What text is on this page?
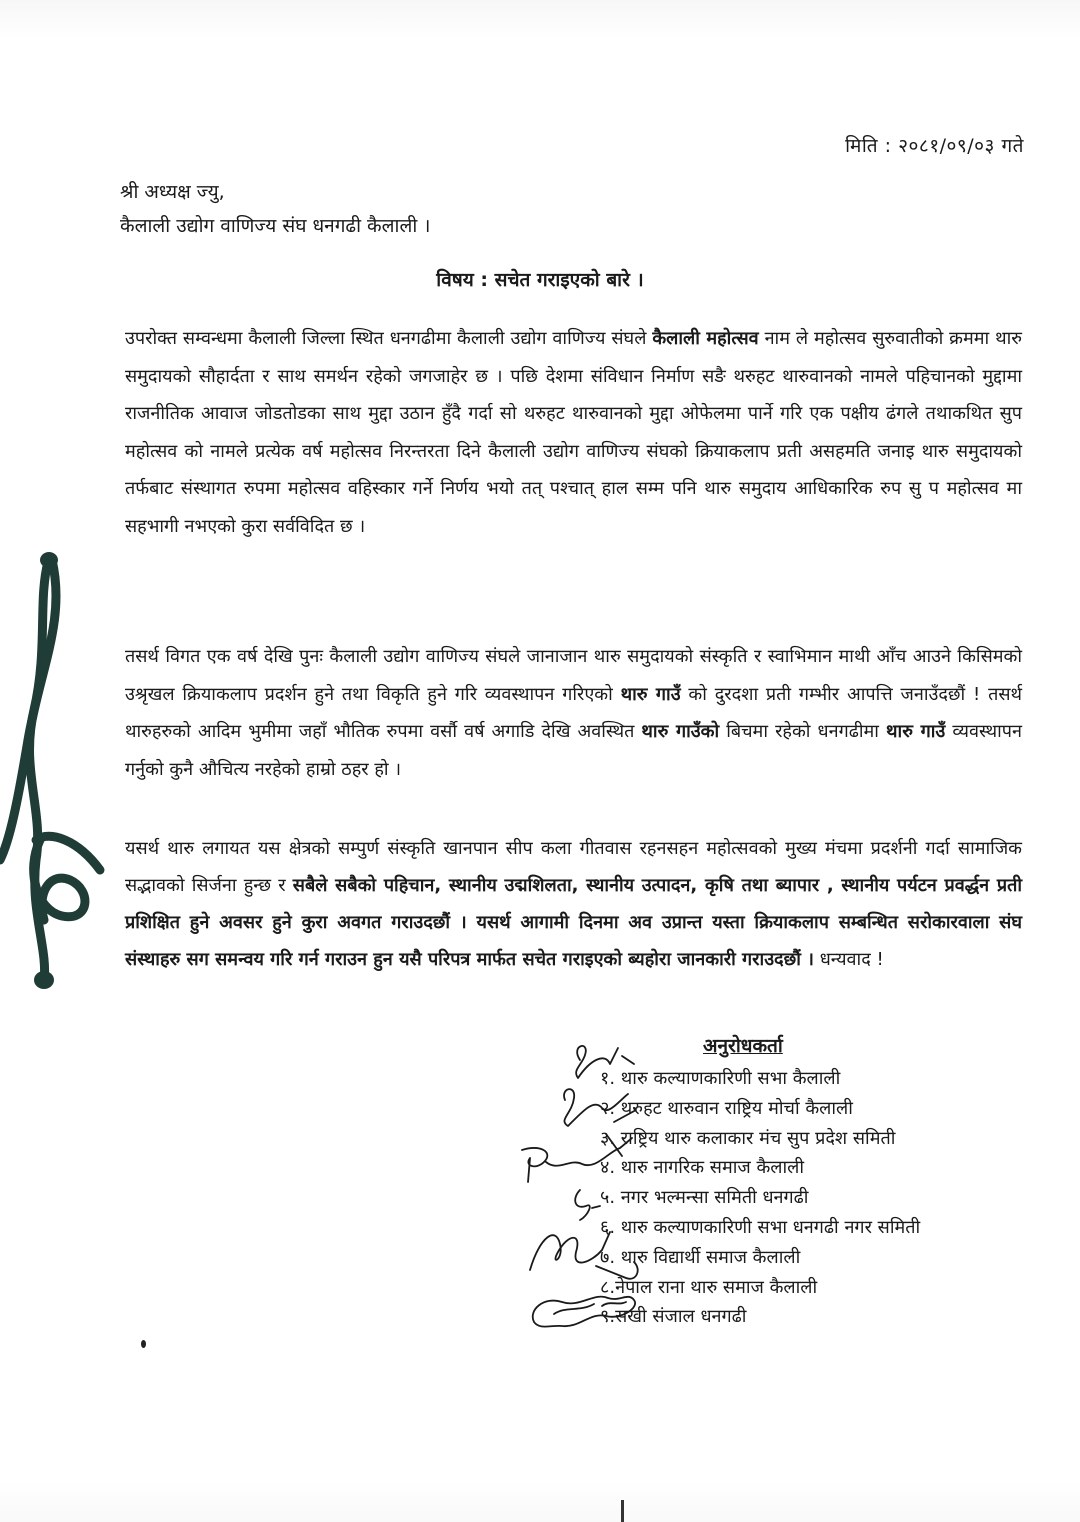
मिति : २०८१/०९/०३ गते
श्री अध्यक्ष ज्यु,
कैलाली उद्योग वाणिज्य संघ धनगढी कैलाली ।
विषय : सचेत गराइएको बारे ।

उपरोक्त सम्वन्धमा कैलाली जिल्ला स्थित धनगढीमा कैलाली उद्योग वाणिज्य संघले कैलाली महोत्सव नाम ले महोत्सव सुरुवातीको क्रममा थारु समुदायको सौहार्दता र साथ समर्थन रहेको जगजाहेर छ । पछि देशमा संविधान निर्माण सङै थरुहट थारुवानको नामले पहिचानको मुद्दामा राजनीतिक आवाज जोडतोडका साथ मुद्दा उठान हुँदै गर्दा सो थरुहट थारुवानको मुद्दा ओफेलमा पार्ने गरि एक पक्षीय ढंगले तथाकथित सुप महोत्सव को नामले प्रत्येक वर्ष महोत्सव निरन्तरता दिने कैलाली उद्योग वाणिज्य संघको क्रियाकलाप प्रती असहमति जनाइ थारु समुदायको तर्फबाट संस्थागत रुपमा महोत्सव वहिस्कार गर्ने निर्णय भयो तत् पश्चात् हाल सम्म पनि थारु समुदाय आधिकारिक रुप सु प महोत्सव मा सहभागी नभएको कुरा सर्वविदित छ ।

तसर्थ विगत एक वर्ष देखि पुनः कैलाली उद्योग वाणिज्य संघले जानाजान थारु समुदायको संस्कृति र स्वाभिमान माथी आँच आउने किसिमको उश्रृखल क्रियाकलाप प्रदर्शन हुने तथा विकृति हुने गरि व्यवस्थापन गरिएको थारु गाउँ को दुरदशा प्रती गम्भीर आपत्ति जनाउँदछौं ! तसर्थ थारुहरुको आदिम भुमीमा जहाँ भौतिक रुपमा वर्सौ वर्ष अगाडि देखि अवस्थित थारु गाउँको बिचमा रहेको धनगढीमा थारु गाउँ व्यवस्थापन गर्नुको कुनै औचित्य नरहेको हाम्रो ठहर हो ।

यसर्थ थारु लगायत यस क्षेत्रको सम्पुर्ण संस्कृति खानपान सीप कला गीतवास रहनसहन महोत्सवको मुख्य मंचमा प्रदर्शनी गर्दा सामाजिक सद्भावको सिर्जना हुन्छ र सबैले सबैको पहिचान, स्थानीय उद्मशिलता, स्थानीय उत्पादन, कृषि तथा ब्यापार , स्थानीय पर्यटन प्रवर्द्धन प्रती प्रशिक्षित हुने अवसर हुने कुरा अवगत गराउदछौं । यसर्थ आगामी दिनमा अव उप्रान्त यस्ता क्रियाकलाप सम्बन्धित सरोकारवाला संघ संस्थाहरु सग समन्वय गरि गर्न गराउन हुन यसै परिपत्र मार्फत सचेत गराइएको ब्यहोरा जानकारी गराउदछौं । धन्यवाद !

अनुरोधकर्ता
१. थारु कल्याणकारिणी सभा कैलाली
२. थरुहट थारुवान राष्ट्रिय मोर्चा कैलाली
३. राष्ट्रिय थारु कलाकार मंच सुप प्रदेश समिती
४. थारु नागरिक समाज कैलाली
५. नगर भल्मन्सा समिती धनगढी
६. थारु कल्याणकारिणी सभा धनगढी नगर समिती
७. थारु विद्यार्थी समाज कैलाली
८.नेपाल राना थारु समाज कैलाली
९.सखी संजाल धनगढी
